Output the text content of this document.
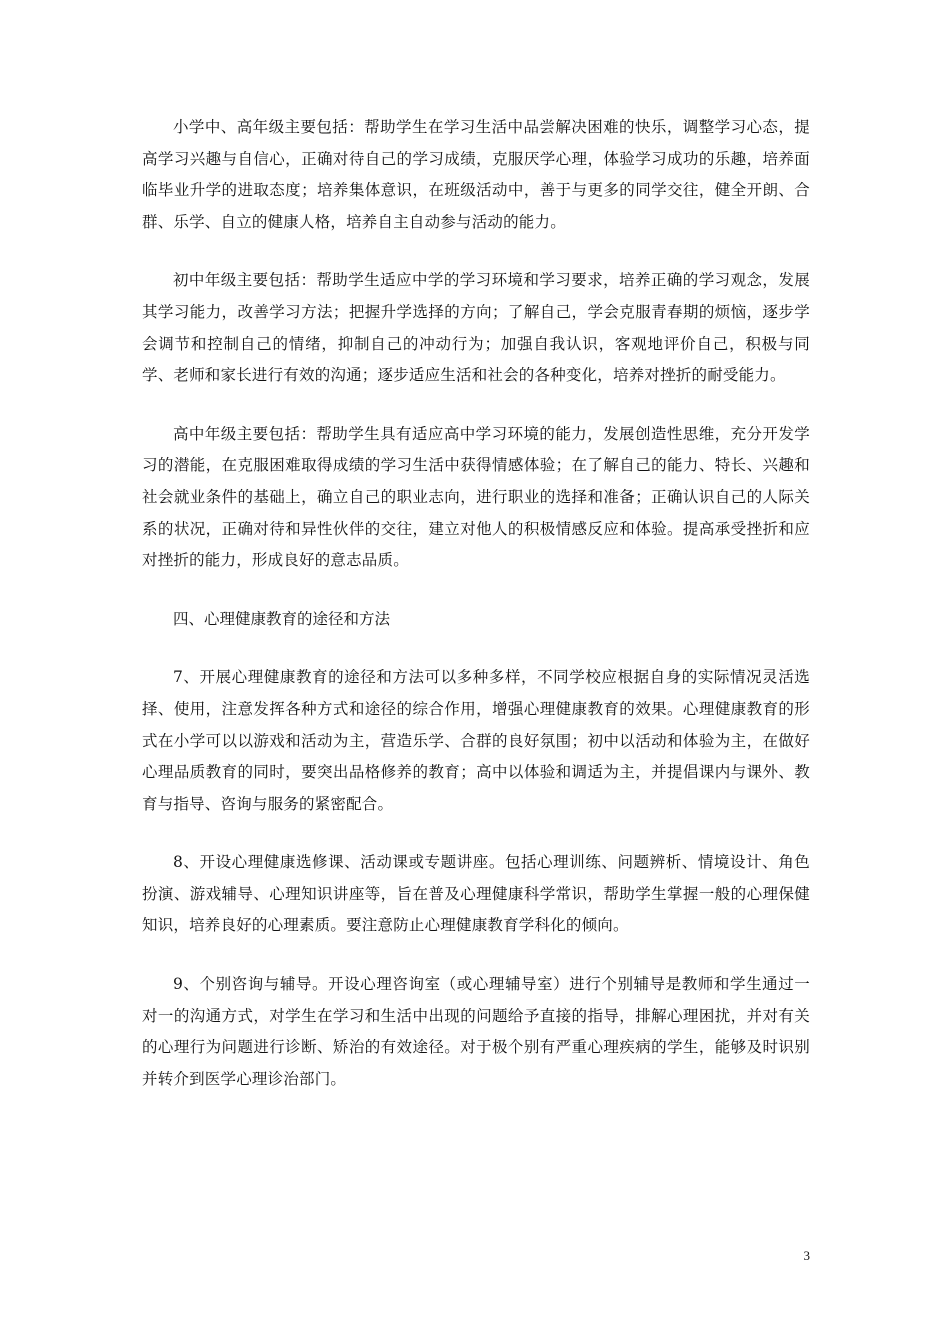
小学中、高年级主要包括：帮助学生在学习生活中品尝解决困难的快乐，调整学习心态，提高学习兴趣与自信心，正确对待自己的学习成绩，克服厌学心理，体验学习成功的乐趣，培养面临毕业升学的进取态度；培养集体意识，在班级活动中，善于与更多的同学交往，健全开朗、合群、乐学、自立的健康人格，培养自主自动参与活动的能力。

初中年级主要包括：帮助学生适应中学的学习环境和学习要求，培养正确的学习观念，发展其学习能力，改善学习方法；把握升学选择的方向；了解自己，学会克服青春期的烦恼，逐步学会调节和控制自己的情绪，抑制自己的冲动行为；加强自我认识，客观地评价自己，积极与同学、老师和家长进行有效的沟通；逐步适应生活和社会的各种变化，培养对挫折的耐受能力。

高中年级主要包括：帮助学生具有适应高中学习环境的能力，发展创造性思维，充分开发学习的潜能，在克服困难取得成绩的学习生活中获得情感体验；在了解自己的能力、特长、兴趣和社会就业条件的基础上，确立自己的职业志向，进行职业的选择和准备；正确认识自己的人际关系的状况，正确对待和异性伙伴的交往，建立对他人的积极情感反应和体验。提高承受挫折和应对挫折的能力，形成良好的意志品质。

四、心理健康教育的途径和方法

7、开展心理健康教育的途径和方法可以多种多样，不同学校应根据自身的实际情况灵活选择、使用，注意发挥各种方式和途径的综合作用，增强心理健康教育的效果。心理健康教育的形式在小学可以以游戏和活动为主，营造乐学、合群的良好氛围；初中以活动和体验为主，在做好心理品质教育的同时，要突出品格修养的教育；高中以体验和调适为主，并提倡课内与课外、教育与指导、咨询与服务的紧密配合。

8、开设心理健康选修课、活动课或专题讲座。包括心理训练、问题辨析、情境设计、角色扮演、游戏辅导、心理知识讲座等，旨在普及心理健康科学常识，帮助学生掌握一般的心理保健知识，培养良好的心理素质。要注意防止心理健康教育学科化的倾向。

9、个别咨询与辅导。开设心理咨询室（或心理辅导室）进行个别辅导是教师和学生通过一对一的沟通方式，对学生在学习和生活中出现的问题给予直接的指导，排解心理困扰，并对有关的心理行为问题进行诊断、矫治的有效途径。对于极个别有严重心理疾病的学生，能够及时识别并转介到医学心理诊治部门。

3
